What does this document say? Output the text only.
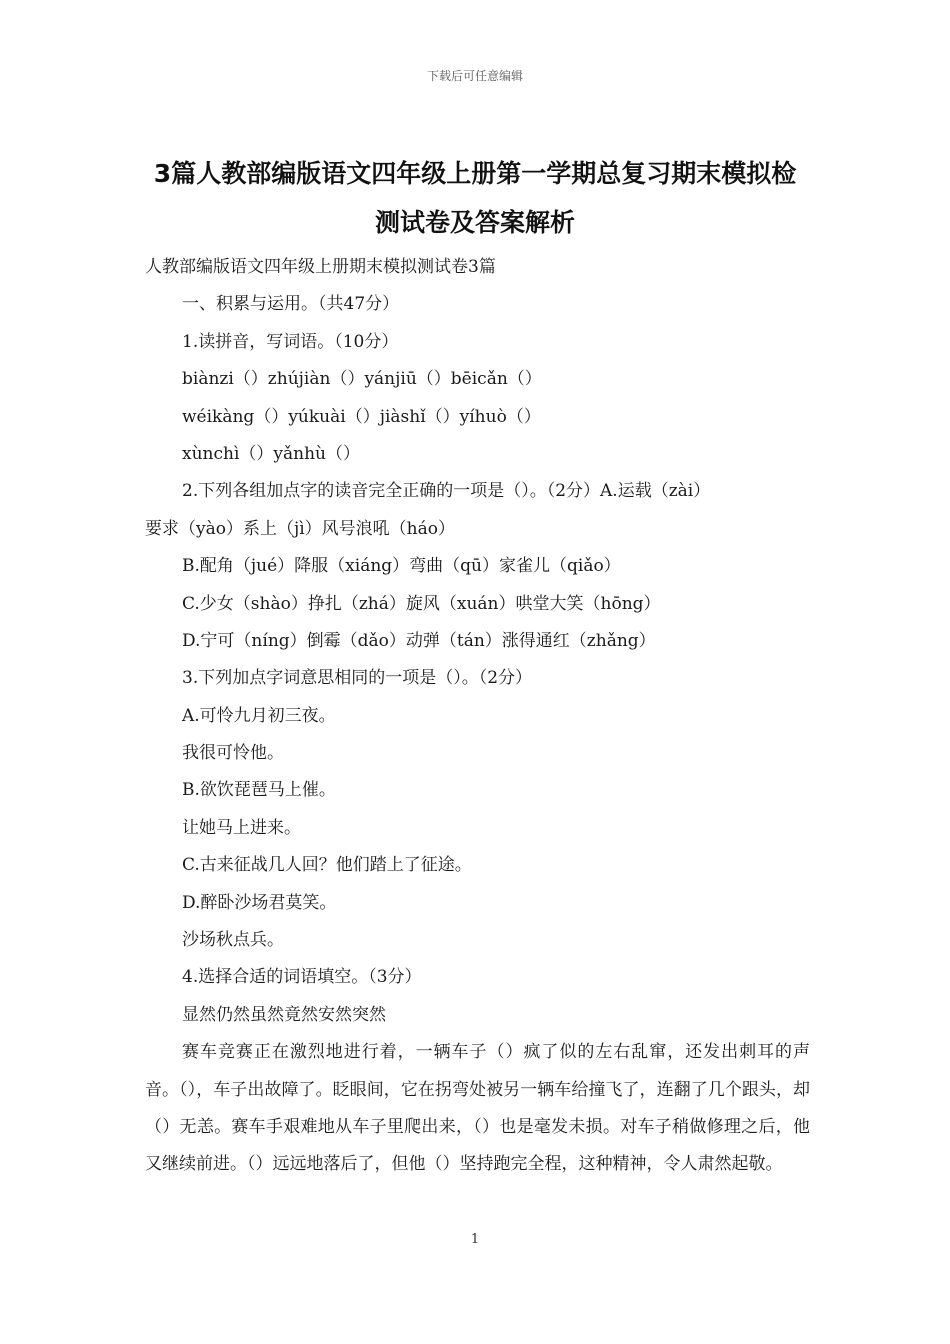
下载后可任意编辑
3篇人教部编版语文四年级上册第一学期总复习期末模拟检
测试卷及答案解析
人教部编版语文四年级上册期末模拟测试卷3篇
一、积累与运用。（共47分）
1.读拼音，写词语。（10分）
biànzi（）zhújiàn（）yánjiū（）bēicǎn（）
wéikàng（）yúkuài（）jiàshǐ（）yíhuò（）
xùnchì（）yǎnhù（）
2.下列各组加点字的读音完全正确的一项是（）。（2分）A.运载（zài）
要求（yào）系上（jì）风号浪吼（háo）
B.配角（jué）降服（xiáng）弯曲（qū）家雀儿（qiǎo）
C.少女（shào）挣扎（zhá）旋风（xuán）哄堂大笑（hōng）
D.宁可（níng）倒霉（dǎo）动弹（tán）涨得通红（zhǎng）
3.下列加点字词意思相同的一项是（）。（2分）
A.可怜九月初三夜。
我很可怜他。
B.欲饮琵琶马上催。
让她马上进来。
C.古来征战几人回？他们踏上了征途。
D.醉卧沙场君莫笑。
沙场秋点兵。
4.选择合适的词语填空。（3分）
显然仍然虽然竟然安然突然
赛车竞赛正在激烈地进行着，一辆车子（）疯了似的左右乱窜，还发出刺耳的声音。（），车子出故障了。眨眼间，它在拐弯处被另一辆车给撞飞了，连翻了几个跟头，却（）无恙。赛车手艰难地从车子里爬出来，（）也是毫发未损。对车子稍做修理之后，他又继续前进。（）远远地落后了，但他（）坚持跑完全程，这种精神，令人肃然起敬。
1
